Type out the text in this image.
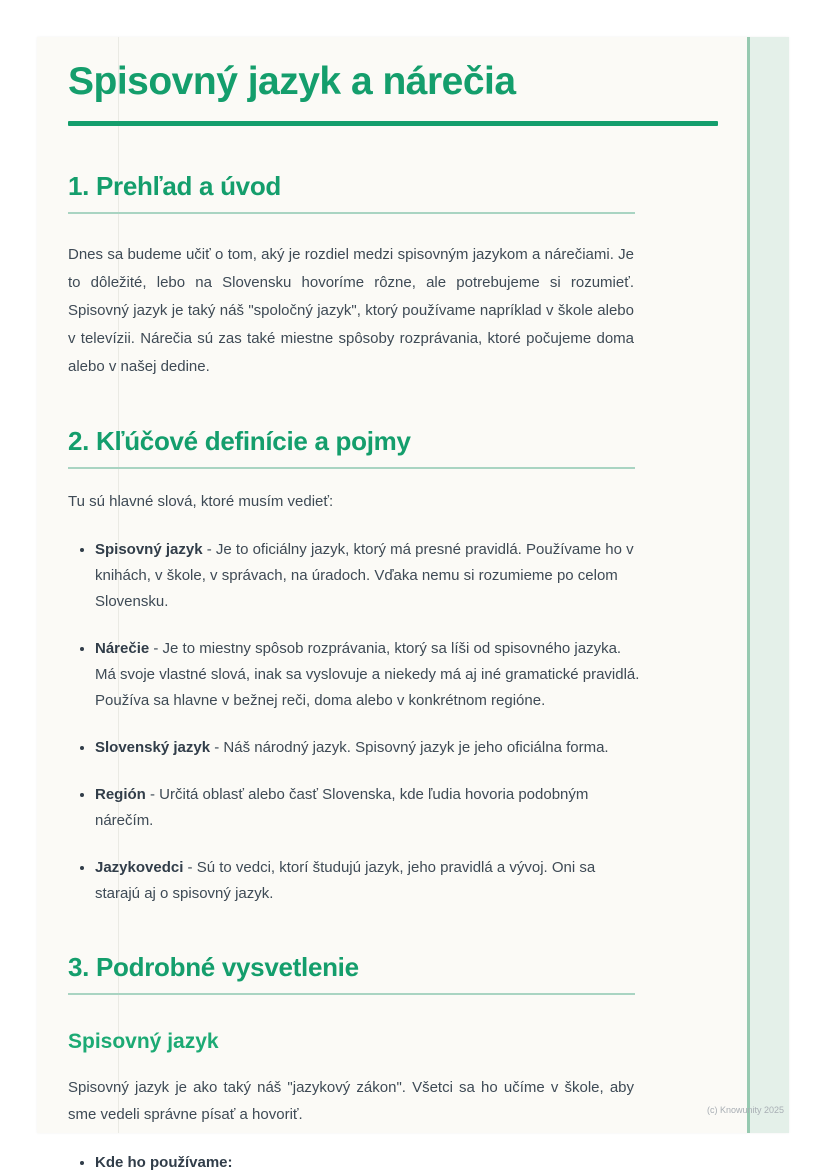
Spisovný jazyk a nárečia
1. Prehľad a úvod

Dnes sa budeme učiť o tom, aký je rozdiel medzi spisovným jazykom a nárečiami. Je to dôležité, lebo na Slovensku hovoríme rôzne, ale potrebujeme si rozumieť. Spisovný jazyk je taký náš "spoločný jazyk", ktorý používame napríklad v škole alebo v televízii. Nárečia sú zas také miestne spôsoby rozprávania, ktoré počujeme doma alebo v našej dedine.

2. Kľúčové definície a pojmy

Tu sú hlavné slová, ktoré musím vedieť:

• Spisovný jazyk - Je to oficiálny jazyk, ktorý má presné pravidlá. Používame ho v knihách, v škole, v správach, na úradoch. Vďaka nemu si rozumieme po celom Slovensku.
• Nárečie - Je to miestny spôsob rozprávania, ktorý sa líši od spisovného jazyka. Má svoje vlastné slová, inak sa vyslovuje a niekedy má aj iné gramatické pravidlá. Používa sa hlavne v bežnej reči, doma alebo v konkrétnom regióne.
• Slovenský jazyk - Náš národný jazyk. Spisovný jazyk je jeho oficiálna forma.
• Región - Určitá oblasť alebo časť Slovenska, kde ľudia hovoria podobným nárečím.
• Jazykovedci - Sú to vedci, ktorí študujú jazyk, jeho pravidlá a vývoj. Oni sa starajú aj o spisovný jazyk.
3. Podrobné vysvetlenie
Spisovný jazyk

Spisovný jazyk je ako taký náš "jazykový zákon". Všetci sa ho učíme v škole, aby sme vedeli správne písať a hovoriť.

• Kde ho používame:
(c) Knowunity 2025
